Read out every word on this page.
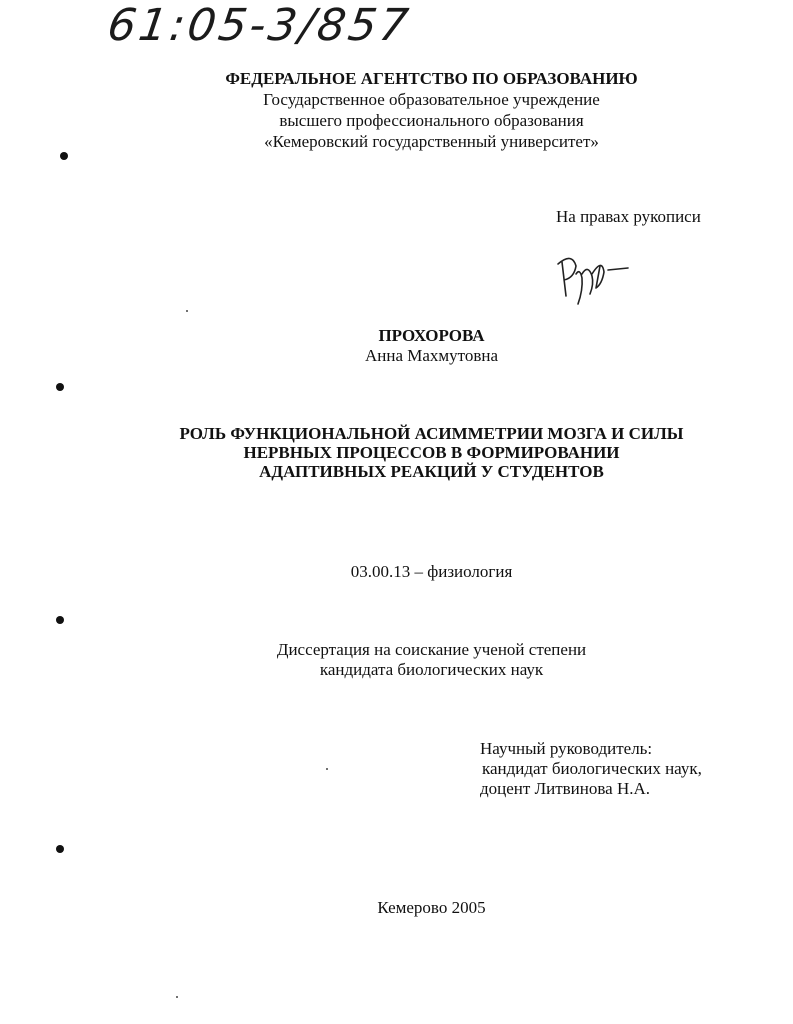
61:05-3/857
ФЕДЕРАЛЬНОЕ АГЕНТСТВО ПО ОБРАЗОВАНИЮ
Государственное образовательное учреждение
высшего профессионального образования
«Кемеровский государственный университет»
На правах рукописи
ПРОХОРОВА
Анна Махмутовна
РОЛЬ ФУНКЦИОНАЛЬНОЙ АСИММЕТРИИ МОЗГА И СИЛЫ
НЕРВНЫХ ПРОЦЕССОВ В ФОРМИРОВАНИИ
АДАПТИВНЫХ РЕАКЦИЙ У СТУДЕНТОВ
03.00.13 – физиология
Диссертация на соискание ученой степени
кандидата биологических наук
Научный руководитель:
кандидат биологических наук,
доцент Литвинова Н.А.
Кемерово 2005
